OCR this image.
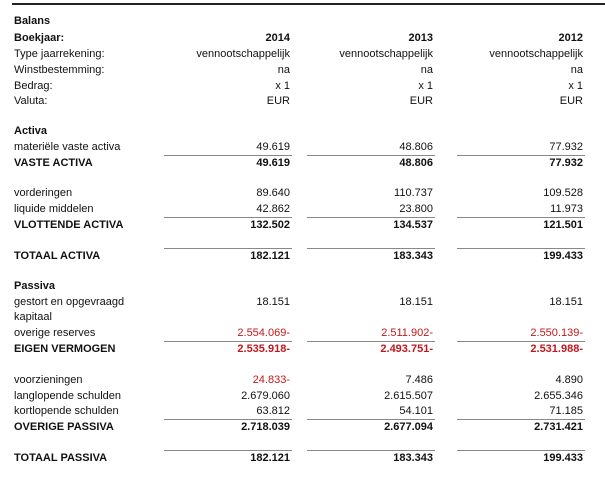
Balans
Boekjaar:	2014	2013	2012
Type jaarrekening:	vennootschappelijk	vennootschappelijk	vennootschappelijk
Winstbestemming:	na	na	na
Bedrag:	x 1	x 1	x 1
Valuta:	EUR	EUR	EUR
Activa
materiële vaste activa	49.619	48.806	77.932
VASTE ACTIVA	49.619	48.806	77.932
vorderingen	89.640	110.737	109.528
liquide middelen	42.862	23.800	11.973
VLOTTENDE ACTIVA	132.502	134.537	121.501
TOTAAL ACTIVA	182.121	183.343	199.433
Passiva
gestort en opgevraagd	18.151	18.151	18.151
kapitaal
overige reserves	2.554.069-	2.511.902-	2.550.139-
EIGEN VERMOGEN	2.535.918-	2.493.751-	2.531.988-
voorzieningen	24.833-	7.486	4.890
langlopende schulden	2.679.060	2.615.507	2.655.346
kortlopende schulden	63.812	54.101	71.185
OVERIGE PASSIVA	2.718.039	2.677.094	2.731.421
TOTAAL PASSIVA	182.121	183.343	199.433
